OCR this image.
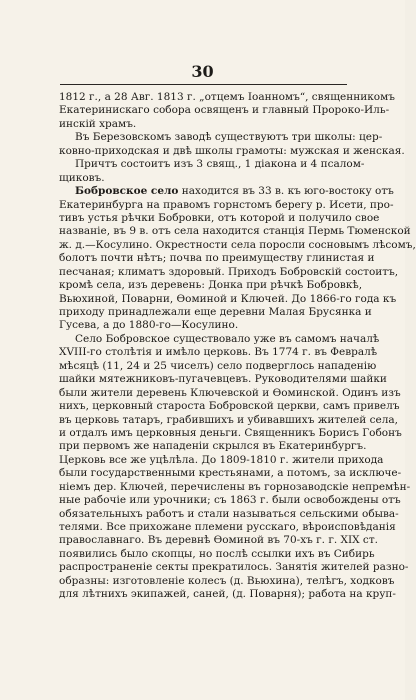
30
1812 г., а 28 Авг. 1813 г. „отцемъ Іоанномъ“, священникомъ
Екатеринискаго собора освященъ и главный Пророко-Иль-
инскій храмъ.
Въ Березовскомъ заводѣ существуютъ три школы: цер-
ковно-приходская и двѣ школы грамоты: мужская и женская.
Причтъ состоитъ изъ 3 свящ., 1 діакона и 4 псалом-
щиковъ.
Бобровское село находится въ 33 в. къ юго-востоку отъ
Екатеринбурга на правомъ горнстомъ берегу р. Исети, про-
тивъ устья рѣчки Бобровки, отъ которой и получило свое
названіе, въ 9 в. отъ села находится станція Пермь Тюменской
ж. д.—Косулино. Окрестности села поросли сосновымъ лѣсомъ,
болотъ почти нѣтъ; почва по преимуществу глинистая и
песчаная; климатъ здоровый. Приходъ Бобровскій состоитъ,
кромѣ села, изъ деревень: Донка при рѣчкѣ Бобровкѣ,
Вьюхиной, Поварни, Ѳоминой и Ключей. До 1866-го года къ
приходу принадлежали еще деревни Малая Брусянка и
Гусева, а до 1880-го—Косулино.
Село Бобровское существовало уже въ самомъ началѣ
XVIII-го столѣтія и имѣло церковь. Въ 1774 г. въ Февралѣ
мѣсяцѣ (11, 24 и 25 чиселъ) село подверглось нападенію
шайки мятежниковъ-пугачевцевъ. Руководителями шайки
были жители деревень Ключевской и Ѳоминской. Одинъ изъ
нихъ, церковный староста Бобровской церкви, самъ привелъ
въ церковь татаръ, грабившихъ и убивавшихъ жителей села,
и отдалъ имъ церковныя деньги. Священникъ Борисъ Гобонъ
при первомъ же нападеніи скрылся въ Екатеринбургъ.
Церковь все же уцѣлѣла. До 1809-1810 г. жители прихода
были государственными крестьянами, а потомъ, за исключе-
ніемъ дер. Ключей, перечислены въ горнозаводскіе непремѣн-
ные рабочіе или урочники; съ 1863 г. были освобождены отъ
обязательныхъ работъ и стали называться сельскими обыва-
телями. Все прихожане племени русскаго, вѣроисповѣданія
православнаго. Въ деревнѣ Ѳоминой въ 70-хъ г. г. XIX ст.
появились было скопцы, но послѣ ссылки ихъ въ Сибирь
распространеніе секты прекратилось. Занятія жителей разно-
образны: изготовленіе колесъ (д. Вьюхина), телѣгъ, ходковъ
для лѣтнихъ экипажей, саней, (д. Поварня); работа на круп-
